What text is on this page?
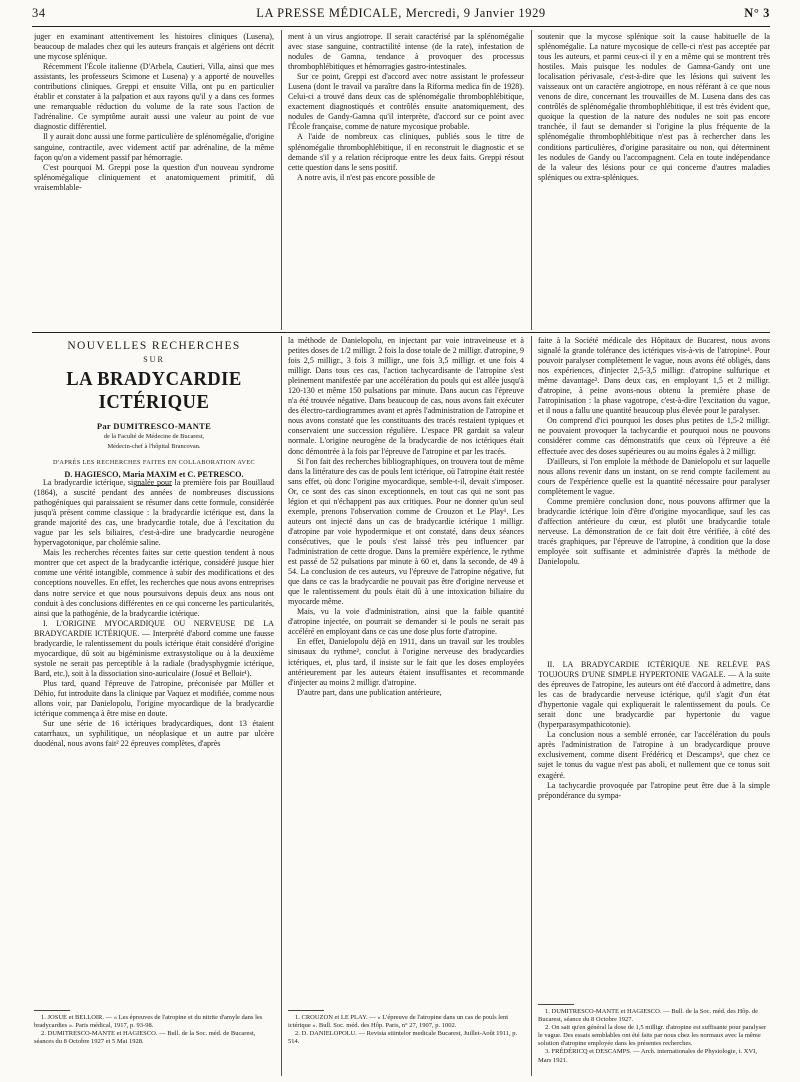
34	LA PRESSE MÉDICALE, Mercredi, 9 Janvier 1929	N° 3

juger en examinant attentivement les histoires cliniques (Lusena), beaucoup de malades chez qui les auteurs français et algériens ont décrit une mycose splénique.

Récemment l'École italienne (D'Arbela, Cautieri, Villa, ainsi que mes assistants, les professeurs Scimone et Lusena) y a apporté de nouvelles contributions cliniques. Greppi et ensuite Villa, ont pu en particulier établir et constater à la palpation et aux rayons qu'il y a dans ces formes une remarquable réduction du volume de la rate sous l'action de l'adrénaline. Ce symptôme aurait aussi une valeur au point de vue diagnostic différentiel.

Il y aurait donc aussi une forme particulière de splénomégalie, d'origine sanguine, contractile, avec videment actif par adrénaline, de la même façon qu'on a videment passif par hémorragie.

C'est pourquoi M. Greppi pose la question d'un nouveau syndrome splénomégalique cliniquement et anatomiquement primitif, dû vraisemblable-

ment à un virus angiotrope. Il serait caractérisé par la splénomégalie avec stase sanguine, contractilité intense (de la rate), infestation de nodules de Gamna, tendance à provoquer des processus thrombophlébitiques et hémorragies gastro-intestinales.

Sur ce point, Greppi est d'accord avec notre assistant le professeur Lusena (dont le travail va paraître dans la Riforma medica fin de 1928). Celui-ci a trouvé dans deux cas de splénomégalie thrombophlébitique, exactement diagnostiqués et contrôlés ensuite anatomiquement, des nodules de Gandy-Gamna qu'il interprète, d'accord sur ce point avec l'École française, comme de nature mycosique probable.

A l'aide de nombreux cas cliniques, publiés sous le titre de splénomégalie thrombophlébitique, il en reconstruit le diagnostic et se demande s'il y a relation réciproque entre les deux faits. Greppi résout cette question dans le sens positif.

A notre avis, il n'est pas encore possible de

soutenir que la mycose splénique soit la cause habituelle de la splénomégalie. La nature mycosique de celle-ci n'est pas acceptée par tous les auteurs, et parmi ceux-ci il y en a même qui se montrent très hostiles. Mais puisque les nodules de Gamna-Gandy ont une localisation périvasale, c'est-à-dire que les lésions qui suivent les vaisseaux ont un caractère angiotrope, en nous référant à ce que nous venons de dire, concernant les trouvailles de M. Lusena dans des cas contrôlés de splénomégalie thrombophlébitique, il est très évident que, quoique la question de la nature des nodules ne soit pas encore tranchée, il faut se demander si l'origine la plus fréquente de la splénomégalie thrombophlébitique n'est pas à rechercher dans les conditions particulières, d'origine parasitaire ou non, qui déterminent les nodules de Gandy ou l'accompagnent. Cela en toute indépendance de la valeur des lésions pour ce qui concerne d'autres maladies spléniques ou extra-spléniques.

NOUVELLES RECHERCHES
SUR
LA BRADYCARDIE ICTÉRIQUE
Par DUMITRESCO-MANTE
de la Faculté de Médecine de Bucarest,
Médecin-chef à l'hôpital Brancovan.
D'APRÈS LES RECHERCHES FAITES EN COLLABORATION AVEC
D. HAGIESCO, Maria MAXIM et C. PETRESCO.

La bradycardie ictérique, signalée pour la première fois par Bouillaud (1864), a suscité pendant des années de nombreuses discussions pathogéniques qui paraissaient se résumer dans cette formule, considérée jusqu'à présent comme classique : la bradycardie ictérique est, dans la grande majorité des cas, une bradycardie totale, due à l'excitation du vague par les sels biliaires, c'est-à-dire une bradycardie neurogène hypervagotonique, par cholémie saline.

Mais les recherches récentes faites sur cette question tendent à nous montrer que cet aspect de la bradycardie ictérique, considéré jusque hier comme une vérité intangible, commence à subir des modifications et des conceptions nouvelles. En effet, les recherches que nous avons entreprises dans notre service et que nous poursuivons depuis deux ans nous ont conduit à des conclusions différentes en ce qui concerne les particularités, ainsi que la pathogénie, de la bradycardie ictérique.

I. L'ORIGINE MYOCARDIQUE OU NERVEUSE DE LA BRADYCARDIE ICTÉRIQUE. — Interprété d'abord comme une fausse bradycardie, le ralentissement du pouls ictérique était considéré d'origine myocardique, dû soit au bigéminisme extrasystolique ou à la deuxième systole ne serait pas perceptible à la radiale (bradysphygmie ictérique, Bard, etc.), soit à la dissociation sino-auriculaire (Josué et Belloir¹).

Plus tard, quand l'épreuve de l'atropine, préconisée par Müller et Déhio, fut introduite dans la clinique par Vaquez et modifiée, comme nous allons voir, par Danielopolu, l'origine myocardique de la bradycardie ictérique commença à être mise en doute.

Sur une série de 16 ictériques bradycardiques, dont 13 étaient catarrhaux, un syphilitique, un néoplasique et un autre par ulcère duodénal, nous avons fait² 22 épreuves complètes, d'après

la méthode de Danielopolu, en injectant par voie intraveineuse et à petites doses de 1/2 milligr. 2 fois la dose totale de 2 milligr. d'atropine, 9 fois 2,5 milligr., 3 fois 3 milligr., une fois 3,5 milligr. et une fois 4 milligr. Dans tous ces cas, l'action tachycardisante de l'atropine s'est pleinement manifestée par une accélération du pouls qui est allée jusqu'à 120-130 et même 150 pulsations par minute. Dans aucun cas l'épreuve n'a été trouvée négative. Dans beaucoup de cas, nous avons fait exécuter des électro-cardiogrammes avant et après l'administration de l'atropine et nous avons constaté que les constituants des tracés restaient typiques et conservaient une succession régulière. L'espace PR gardait sa valeur normale. L'origine neurogène de la bradycardie de nos ictériques était donc démontrée à la fois par l'épreuve de l'atropine et par les tracés.

Si l'on fait des recherches bibliographiques, on trouvera tout de même dans la littérature des cas de pouls lent ictérique, où l'atropine était restée sans effet, où donc l'origine myocardique, semble-t-il, devait s'imposer. Or, ce sont des cas sinon exceptionnels, en tout cas qui ne sont pas légion et qui n'échappent pas aux critiques. Pour ne donner qu'un seul exemple, prenons l'observation comme de Crouzon et Le Play¹. Les auteurs ont injecté dans un cas de bradycardie ictérique 1 milligr. d'atropine par voie hypodermique et ont constaté, dans deux séances consécutives, que le pouls s'est laissé très peu influencer par l'administration de cette drogue. Dans la première expérience, le rythme est passé de 52 pulsations par minute à 60 et, dans la seconde, de 49 à 54. La conclusion de ces auteurs, vu l'épreuve de l'atropine négative, fut que dans ce cas la bradycardie ne pouvait pas être d'origine nerveuse et que le ralentissement du pouls était dû à une intoxication biliaire du myocarde même.

Mais, vu la voie d'administration, ainsi que la faible quantité d'atropine injectée, on pourrait se demander si le pouls ne serait pas accéléré en employant dans ce cas une dose plus forte d'atropine.

En effet, Danielopolu déjà en 1911, dans un travail sur les troubles sinusaux du rythme², conclut à l'origine nerveuse des bradycardies ictériques, et, plus tard, il insiste sur le fait que les doses employées antérieurement par les auteurs étaient insuffisantes et recommande d'injecter au moins 2 milligr. d'atropine.

D'autre part, dans une publication antérieure,

faite à la Société médicale des Hôpitaux de Bucarest, nous avons signalé la grande tolérance des ictériques vis-à-vis de l'atropine¹. Pour pouvoir paralyser complètement le vague, nous avons été obligés, dans nos expériences, d'injecter 2,5-3,5 milligr. d'atropine sulfurique et même davantage². Dans deux cas, en employant 1,5 et 2 milligr. d'atropine, à peine avons-nous obtenu la première phase de l'atropinisation : la phase vagotrope, c'est-à-dire l'excitation du vague, et il nous a fallu une quantité beaucoup plus élevée pour le paralyser.

On comprend d'ici pourquoi les doses plus petites de 1,5-2 milligr. ne pouvaient provoquer la tachycardie et pourquoi nous ne pouvons considérer comme cas démonstratifs que ceux où l'épreuve a été effectuée avec des doses supérieures ou au moins égales à 2 milligr.

D'ailleurs, si l'on emploie la méthode de Danielopolu et sur laquelle nous allons revenir dans un instant, on se rend compte facilement au cours de l'expérience quelle est la quantité nécessaire pour paralyser complètement le vague.

Comme première conclusion donc, nous pouvons affirmer que la bradycardie ictérique loin d'être d'origine myocardique, sauf les cas d'affection antérieure du cœur, est plutôt une bradycardie totale nerveuse. La démonstration de ce fait doit être vérifiée, à côté des tracés graphiques, par l'épreuve de l'atropine, à condition que la dose employée soit suffisante et administrée d'après la méthode de Danielopolu.

II. LA BRADYCARDIE ICTÉRIQUE NE RELÈVE PAS TOUJOURS D'UNE SIMPLE HYPERTONIE VAGALE. — A la suite des épreuves de l'atropine, les auteurs ont été d'accord à admettre, dans les cas de bradycardie nerveuse ictérique, qu'il s'agit d'un état d'hypertonie vagale qui expliquerait le ralentissement du pouls. Ce serait donc une bradycardie par hypertonie du vague (hyperparasympathicotonie).

La conclusion nous a semblé erronée, car l'accélération du pouls après l'administration de l'atropine à un bradycardique prouve exclusivement, comme disent Frédéricq et Descamps³, que chez ce sujet le tonus du vague n'est pas aboli, et nullement que ce tonus soit exagéré.

La tachycardie provoquée par l'atropine peut être due à la simple prépondérance du sympa-

1. JOSUÉ et BELLOIR. — « Les épreuves de l'atropine et du nitrite d'amyle dans les bradycardies ». Paris médical, 1917, p. 93-98.

2. DUMITRESCO-MANTE et HAGIESCO. — Bull. de la Soc. méd. de Bucarest, séances du 8 Octobre 1927 et 5 Mai 1928.

1. CROUZON et LE PLAY. — « L'épreuve de l'atropine dans un cas de pouls lent ictérique ». Bull. Soc. méd. des Hôp. Paris, n° 27, 1907, p. 1002.

2. D. DANIELOPOLU. — Revista stiintelor medicale Bucarest, Juillet-Août 1911, p. 514.

1. DUMITRESCO-MANTE et HAGIESCO. — Bull. de la Soc. méd. des Hôp. de Bucarest, séance du 8 Octobre 1927.

2. On sait qu'en général la dose de 1,5 milligr. d'atropine est suffisante pour paralyser le vague. Des essais semblables ont été faits par nous chez les normaux avec la même solution d'atropine employée dans les présentes recherches.

3. FRÉDÉRICQ et DESCAMPS. — Arch. internationales de Physiologie, t. XVI, Mars 1921.
